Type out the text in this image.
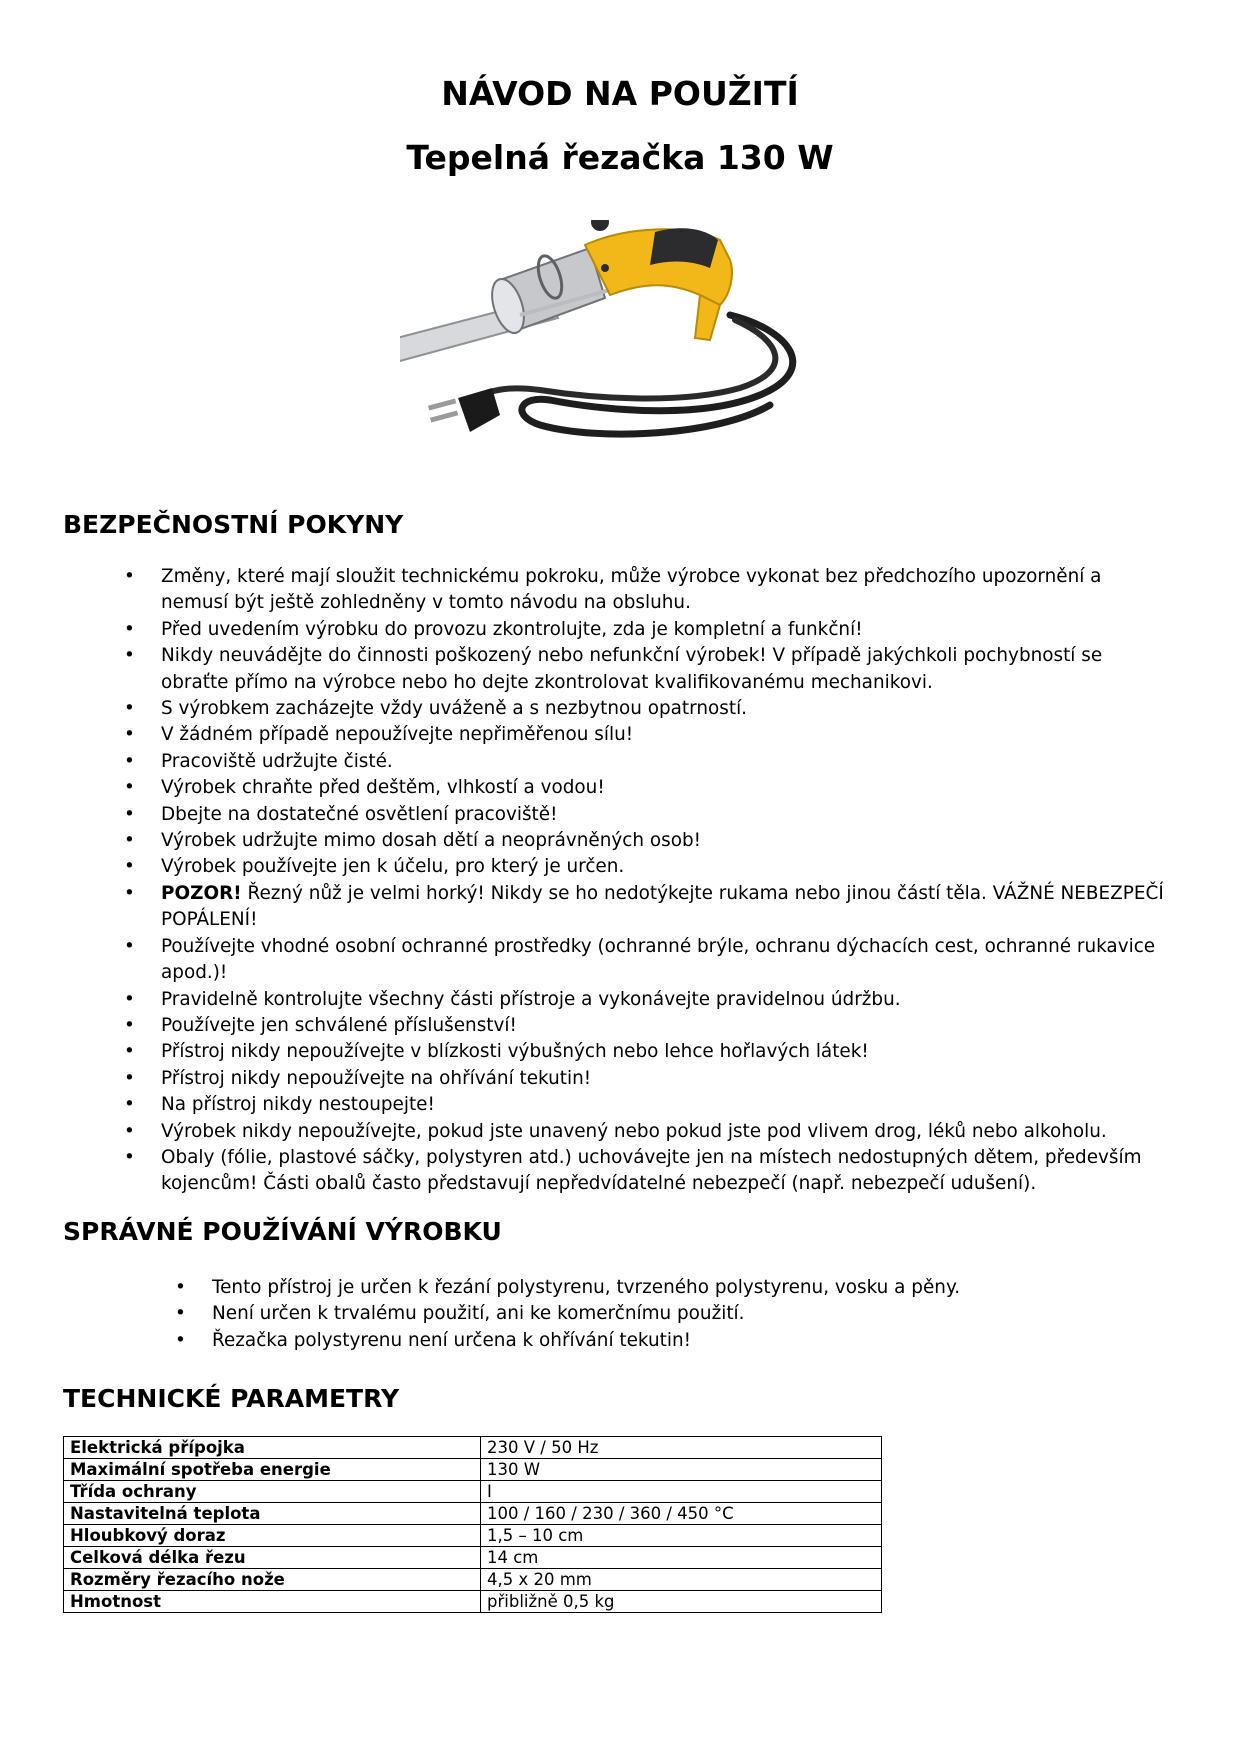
NÁVOD NA POUŽITÍ
Tepelná řezačka 130 W
BEZPEČNOSTNÍ POKYNY
• Změny, které mají sloužit technickému pokroku, může výrobce vykonat bez předchozího upozornění a nemusí být ještě zohledněny v tomto návodu na obsluhu.
• Před uvedením výrobku do provozu zkontrolujte, zda je kompletní a funkční!
• Nikdy neuvádějte do činnosti poškozený nebo nefunkční výrobek! V případě jakýchkoli pochybností se obraťte přímo na výrobce nebo ho dejte zkontrolovat kvalifikovanému mechanikovi.
• S výrobkem zacházejte vždy uváženě a s nezbytnou opatrností.
• V žádném případě nepoužívejte nepřiměřenou sílu!
• Pracoviště udržujte čisté.
• Výrobek chraňte před deštěm, vlhkostí a vodou!
• Dbejte na dostatečné osvětlení pracoviště!
• Výrobek udržujte mimo dosah dětí a neoprávněných osob!
• Výrobek používejte jen k účelu, pro který je určen.
• POZOR! Řezný nůž je velmi horký! Nikdy se ho nedotýkejte rukama nebo jinou částí těla. VÁŽNÉ NEBEZPEČÍ POPÁLENÍ!
• Používejte vhodné osobní ochranné prostředky (ochranné brýle, ochranu dýchacích cest, ochranné rukavice apod.)!
• Pravidelně kontrolujte všechny části přístroje a vykonávejte pravidelnou údržbu.
• Používejte jen schválené příslušenství!
• Přístroj nikdy nepoužívejte v blízkosti výbušných nebo lehce hořlavých látek!
• Přístroj nikdy nepoužívejte na ohřívání tekutin!
• Na přístroj nikdy nestoupejte!
• Výrobek nikdy nepoužívejte, pokud jste unavený nebo pokud jste pod vlivem drog, léků nebo alkoholu.
• Obaly (fólie, plastové sáčky, polystyren atd.) uchovávejte jen na místech nedostupných dětem, především kojencům! Části obalů často představují nepředvídatelné nebezpečí (např. nebezpečí udušení).
SPRÁVNÉ POUŽÍVÁNÍ VÝROBKU
• Tento přístroj je určen k řezání polystyrenu, tvrzeného polystyrenu, vosku a pěny.
• Není určen k trvalému použití, ani ke komerčnímu použití.
• Řezačka polystyrenu není určena k ohřívání tekutin!
TECHNICKÉ PARAMETRY
Elektrická přípojka	230 V / 50 Hz
Maximální spotřeba energie	130 W
Třída ochrany	I
Nastavitelná teplota	100 / 160 / 230 / 360 / 450 °C
Hloubkový doraz	1,5 – 10 cm
Celková délka řezu	14 cm
Rozměry řezacího nože	4,5 x 20 mm
Hmotnost	přibližně 0,5 kg
